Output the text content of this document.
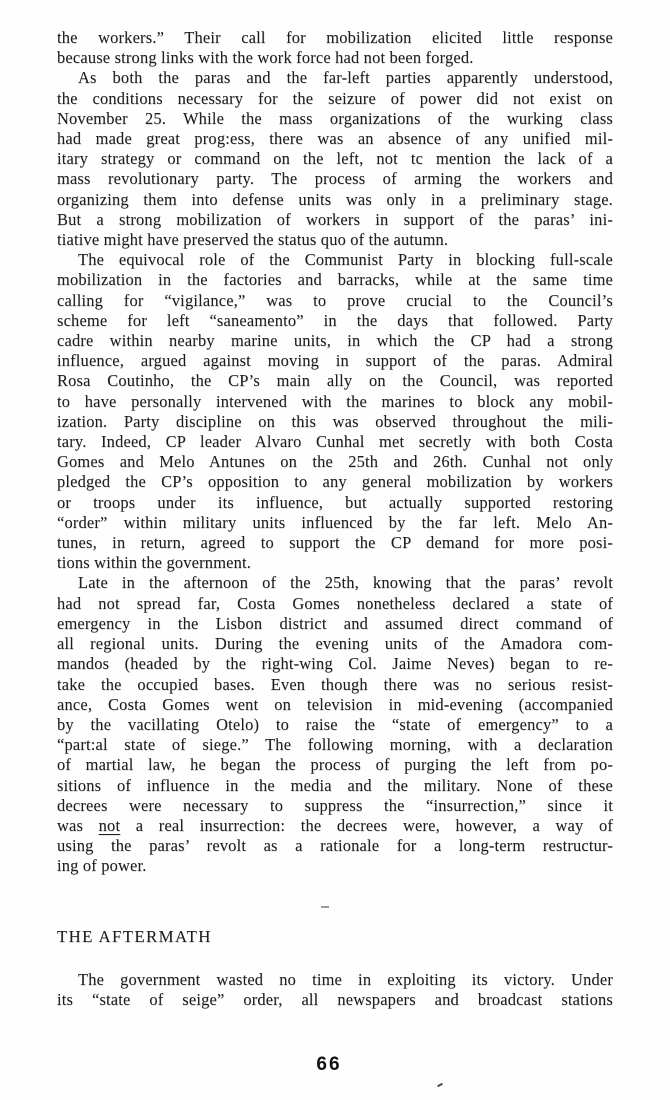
the workers.” Their call for mobilization elicited little response
because strong links with the work force had not been forged.
As both the paras and the far-left parties apparently understood,
the conditions necessary for the seizure of power did not exist on
November 25. While the mass organizations of the wurking class
had made great prog:ess, there was an absence of any unified mil-
itary strategy or command on the left, not tc mention the lack of a
mass revolutionary party. The process of arming the workers and
organizing them into defense units was only in a preliminary stage.
But a strong mobilization of workers in support of the paras’ ini-
tiative might have preserved the status quo of the autumn.
The equivocal role of the Communist Party in blocking full-scale
mobilization in the factories and barracks, while at the same time
calling for “vigilance,” was to prove crucial to the Council’s
scheme for left “saneamento” in the days that followed. Party
cadre within nearby marine units, in which the CP had a strong
influence, argued against moving in support of the paras. Admiral
Rosa Coutinho, the CP’s main ally on the Council, was reported
to have personally intervened with the marines to block any mobil-
ization. Party discipline on this was observed throughout the mili-
tary. Indeed, CP leader Alvaro Cunhal met secretly with both Costa
Gomes and Melo Antunes on the 25th and 26th. Cunhal not only
pledged the CP’s opposition to any general mobilization by workers
or troops under its influence, but actually supported restoring
“order” within military units influenced by the far left. Melo An-
tunes, in return, agreed to support the CP demand for more posi-
tions within the government.
Late in the afternoon of the 25th, knowing that the paras’ revolt
had not spread far, Costa Gomes nonetheless declared a state of
emergency in the Lisbon district and assumed direct command of
all regional units. During the evening units of the Amadora com-
mandos (headed by the right-wing Col. Jaime Neves) began to re-
take the occupied bases. Even though there was no serious resist-
ance, Costa Gomes went on television in mid-evening (accompanied
by the vacillating Otelo) to raise the “state of emergency” to a
“part:al state of siege.” The following morning, with a declaration
of martial law, he began the process of purging the left from po-
sitions of influence in the media and the military. None of these
decrees were necessary to suppress the “insurrection,” since it
was not a real insurrection: the decrees were, however, a way of
using the paras’ revolt as a rationale for a long-term restructur-
ing of power.
THE AFTERMATH
The government wasted no time in exploiting its victory. Under
its “state of seige” order, all newspapers and broadcast stations
66
